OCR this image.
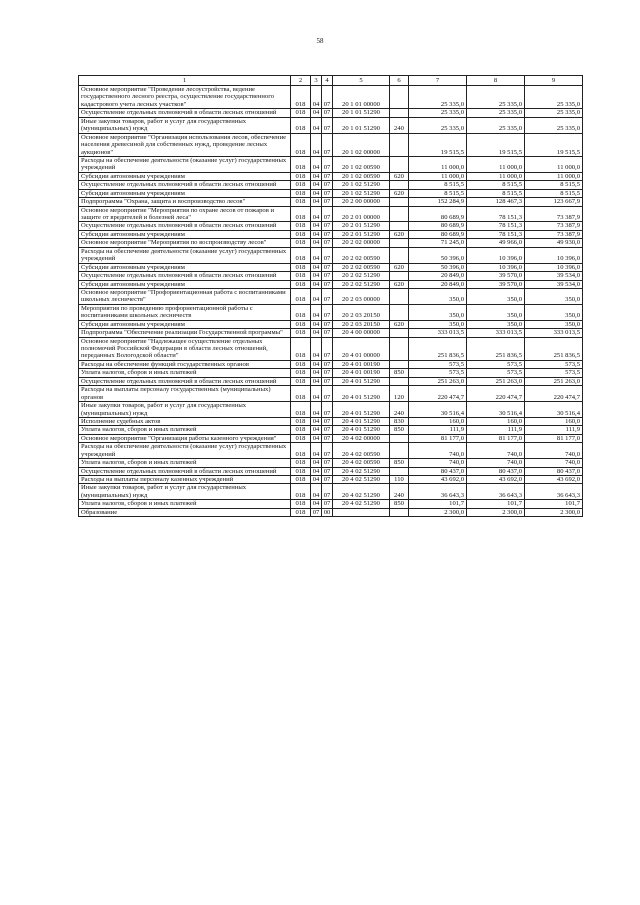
58
1	2	3	4	5	6	7	8	9
Основное мероприятие "Проведение лесоустройства, ведение государственного лесного реестра, осуществление государственного кадастрового учета лесных участков"	018	04	07	20 1 01 00000		25 335,0	25 335,0	25 335,0
Осуществление отдельных полномочий в области лесных отношений	018	04	07	20 1 01 51290		25 335,0	25 335,0	25 335,0
Иные закупки товаров, работ и услуг для государственных (муниципальных) нужд	018	04	07	20 1 01 51290	240	25 335,0	25 335,0	25 335,0
Основное мероприятие "Организация использования лесов, обеспечение населения древесиной для собственных нужд, проведение лесных аукционов"	018	04	07	20 1 02 00000		19 515,5	19 515,5	19 515,5
Расходы на обеспечение деятельности (оказание услуг) государственных учреждений	018	04	07	20 1 02 00590		11 000,0	11 000,0	11 000,0
Субсидии автономным учреждениям	018	04	07	20 1 02 00590	620	11 000,0	11 000,0	11 000,0
Осуществление отдельных полномочий в области лесных отношений	018	04	07	20 1 02 51290		8 515,5	8 515,5	8 515,5
Субсидии автономным учреждениям	018	04	07	20 1 02 51290	620	8 515,5	8 515,5	8 515,5
Подпрограмма "Охрана, защита и воспроизводство лесов"	018	04	07	20 2 00 00000		152 284,9	128 467,3	123 667,9
Основное мероприятие "Мероприятия по охране лесов от пожаров и защите от вредителей и болезней леса"	018	04	07	20 2 01 00000		80 689,9	78 151,3	73 387,9
Осуществление отдельных полномочий в области лесных отношений	018	04	07	20 2 01 51290		80 689,9	78 151,3	73 387,9
Субсидии автономным учреждениям	018	04	07	20 2 01 51290	620	80 689,9	78 151,3	73 387,9
Основное мероприятие "Мероприятия по воспроизводству лесов"	018	04	07	20 2 02 00000		71 245,0	49 966,0	49 930,0
Расходы на обеспечение деятельности (оказание услуг) государственных учреждений	018	04	07	20 2 02 00590		50 396,0	10 396,0	10 396,0
Субсидии автономным учреждениям	018	04	07	20 2 02 00590	620	50 396,0	10 396,0	10 396,0
Осуществление отдельных полномочий в области лесных отношений	018	04	07	20 2 02 51290		20 849,0	39 570,0	39 534,0
Субсидии автономным учреждениям	018	04	07	20 2 02 51290	620	20 849,0	39 570,0	39 534,0
Основное мероприятие "Профориентационная работа с воспитанниками школьных лесничеств"	018	04	07	20 2 03 00000		350,0	350,0	350,0
Мероприятия по проведению профориентационной работы с воспитанниками школьных лесничеств	018	04	07	20 2 03 20150		350,0	350,0	350,0
Субсидии автономным учреждениям	018	04	07	20 2 03 20150	620	350,0	350,0	350,0
Подпрограмма "Обеспечение реализации Государственной программы"	018	04	07	20 4 00 00000		333 013,5	333 013,5	333 013,5
Основное мероприятие "Надлежащее осуществление отдельных полномочий Российской Федерации в области лесных отношений, переданных Вологодской области"	018	04	07	20 4 01 00000		251 836,5	251 836,5	251 836,5
Расходы на обеспечение функций государственных органов	018	04	07	20 4 01 00190		573,5	573,5	573,5
Уплата налогов, сборов и иных платежей	018	04	07	20 4 01 00190	850	573,5	573,5	573,5
Осуществление отдельных полномочий в области лесных отношений	018	04	07	20 4 01 51290		251 263,0	251 263,0	251 263,0
Расходы на выплаты персоналу государственных (муниципальных) органов	018	04	07	20 4 01 51290	120	220 474,7	220 474,7	220 474,7
Иные закупки товаров, работ и услуг для государственных (муниципальных) нужд	018	04	07	20 4 01 51290	240	30 516,4	30 516,4	30 516,4
Исполнение судебных актов	018	04	07	20 4 01 51290	830	160,0	160,0	160,0
Уплата налогов, сборов и иных платежей	018	04	07	20 4 01 51290	850	111,9	111,9	111,9
Основное мероприятие "Организация работы казенного учреждения"	018	04	07	20 4 02 00000		81 177,0	81 177,0	81 177,0
Расходы на обеспечение деятельности (оказание услуг) государственных учреждений	018	04	07	20 4 02 00590		740,0	740,0	740,0
Уплата налогов, сборов и иных платежей	018	04	07	20 4 02 00590	850	740,0	740,0	740,0
Осуществление отдельных полномочий в области лесных отношений	018	04	07	20 4 02 51290		80 437,0	80 437,0	80 437,0
Расходы на выплаты персоналу казенных учреждений	018	04	07	20 4 02 51290	110	43 692,0	43 692,0	43 692,0
Иные закупки товаров, работ и услуг для государственных (муниципальных) нужд	018	04	07	20 4 02 51290	240	36 643,3	36 643,3	36 643,3
Уплата налогов, сборов и иных платежей	018	04	07	20 4 02 51290	850	101,7	101,7	101,7
Образование	018	07	00			2 300,0	2 300,0	2 300,0
